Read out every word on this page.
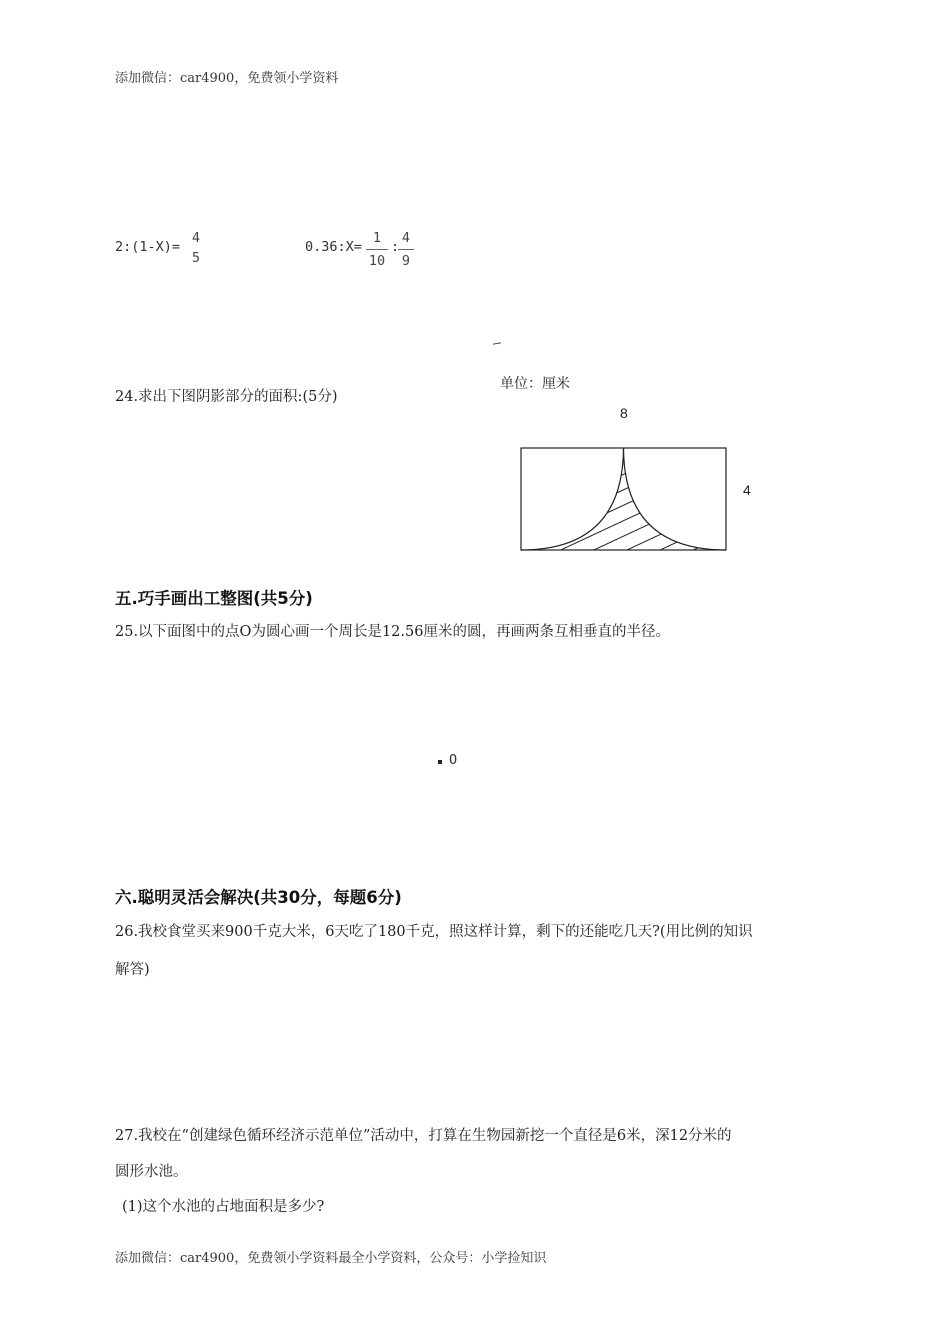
添加微信：car4900，免费领小学资料
2:(1-X)=
4
5
0.36:X=
1
10
:
4
9
24.求出下图阴影部分的面积:(5分)
单位：厘米
8
4
五.巧手画出工整图(共5分)
25.以下面图中的点O为圆心画一个周长是12.56厘米的圆，再画两条互相垂直的半径。
O
六.聪明灵活会解决(共30分，每题6分)
26.我校食堂买来900千克大米，6天吃了180千克，照这样计算，剩下的还能吃几天?(用比例的知识
解答)
27.我校在“创建绿色循环经济示范单位”活动中，打算在生物园新挖一个直径是6米，深12分米的
圆形水池。
(1)这个水池的占地面积是多少?
添加微信：car4900，免费领小学资料最全小学资料，公众号：小学捡知识
